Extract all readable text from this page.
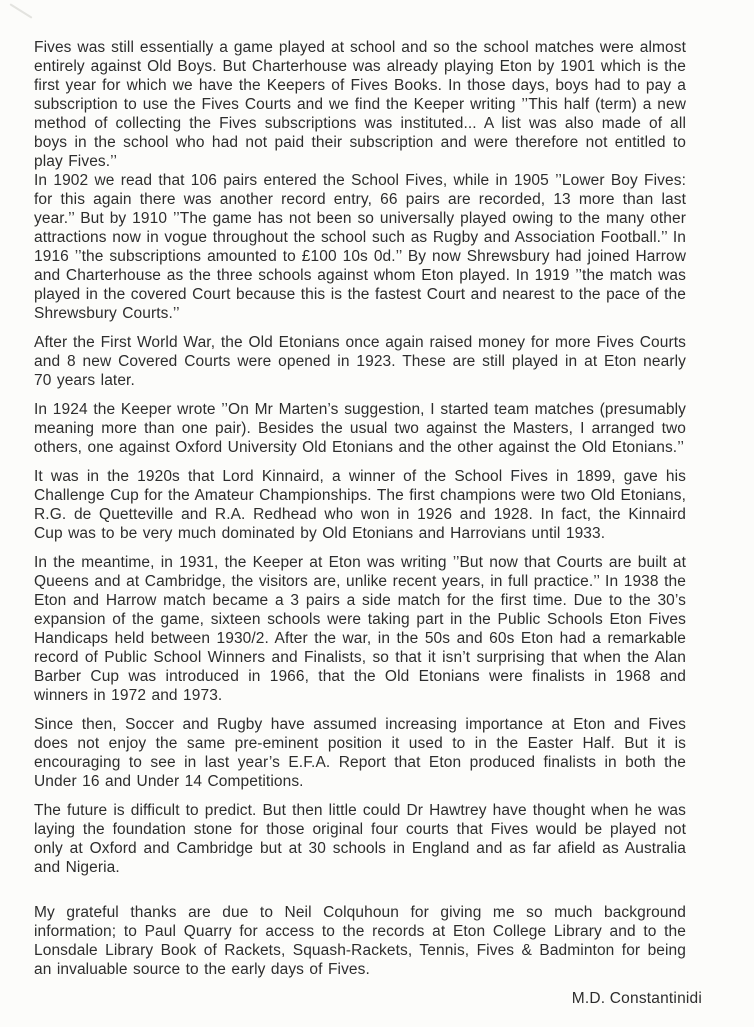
Fives was still essentially a game played at school and so the school matches were almost entirely against Old Boys. But Charterhouse was already playing Eton by 1901 which is the first year for which we have the Keepers of Fives Books. In those days, boys had to pay a subscription to use the Fives Courts and we find the Keeper writing ’’This half (term) a new method of collecting the Fives subscriptions was instituted... A list was also made of all boys in the school who had not paid their subscription and were therefore not entitled to play Fives.’’

In 1902 we read that 106 pairs entered the School Fives, while in 1905 ’’Lower Boy Fives: for this again there was another record entry, 66 pairs are recorded, 13 more than last year.’’ But by 1910 ’’The game has not been so universally played owing to the many other attractions now in vogue throughout the school such as Rugby and Association Football.’’ In 1916 ’’the subscriptions amounted to £100 10s 0d.’’ By now Shrewsbury had joined Harrow and Charterhouse as the three schools against whom Eton played. In 1919 ’’the match was played in the covered Court because this is the fastest Court and nearest to the pace of the Shrewsbury Courts.’’

After the First World War, the Old Etonians once again raised money for more Fives Courts and 8 new Covered Courts were opened in 1923. These are still played in at Eton nearly 70 years later.

In 1924 the Keeper wrote ’’On Mr Marten’s suggestion, I started team matches (presumably meaning more than one pair). Besides the usual two against the Masters, I arranged two others, one against Oxford University Old Etonians and the other against the Old Etonians.’’

It was in the 1920s that Lord Kinnaird, a winner of the School Fives in 1899, gave his Challenge Cup for the Amateur Championships. The first champions were two Old Etonians, R.G. de Quetteville and R.A. Redhead who won in 1926 and 1928. In fact, the Kinnaird Cup was to be very much dominated by Old Etonians and Harrovians until 1933.

In the meantime, in 1931, the Keeper at Eton was writing ’’But now that Courts are built at Queens and at Cambridge, the visitors are, unlike recent years, in full practice.’’ In 1938 the Eton and Harrow match became a 3 pairs a side match for the first time. Due to the 30’s expansion of the game, sixteen schools were taking part in the Public Schools Eton Fives Handicaps held between 1930/2. After the war, in the 50s and 60s Eton had a remarkable record of Public School Winners and Finalists, so that it isn’t surprising that when the Alan Barber Cup was introduced in 1966, that the Old Etonians were finalists in 1968 and winners in 1972 and 1973.

Since then, Soccer and Rugby have assumed increasing importance at Eton and Fives does not enjoy the same pre-eminent position it used to in the Easter Half. But it is encouraging to see in last year’s E.F.A. Report that Eton produced finalists in both the Under 16 and Under 14 Competitions.

The future is difficult to predict. But then little could Dr Hawtrey have thought when he was laying the foundation stone for those original four courts that Fives would be played not only at Oxford and Cambridge but at 30 schools in England and as far afield as Australia and Nigeria.

My grateful thanks are due to Neil Colquhoun for giving me so much background information; to Paul Quarry for access to the records at Eton College Library and to the Lonsdale Library Book of Rackets, Squash-Rackets, Tennis, Fives & Badminton for being an invaluable source to the early days of Fives.

M.D. Constantinidi
